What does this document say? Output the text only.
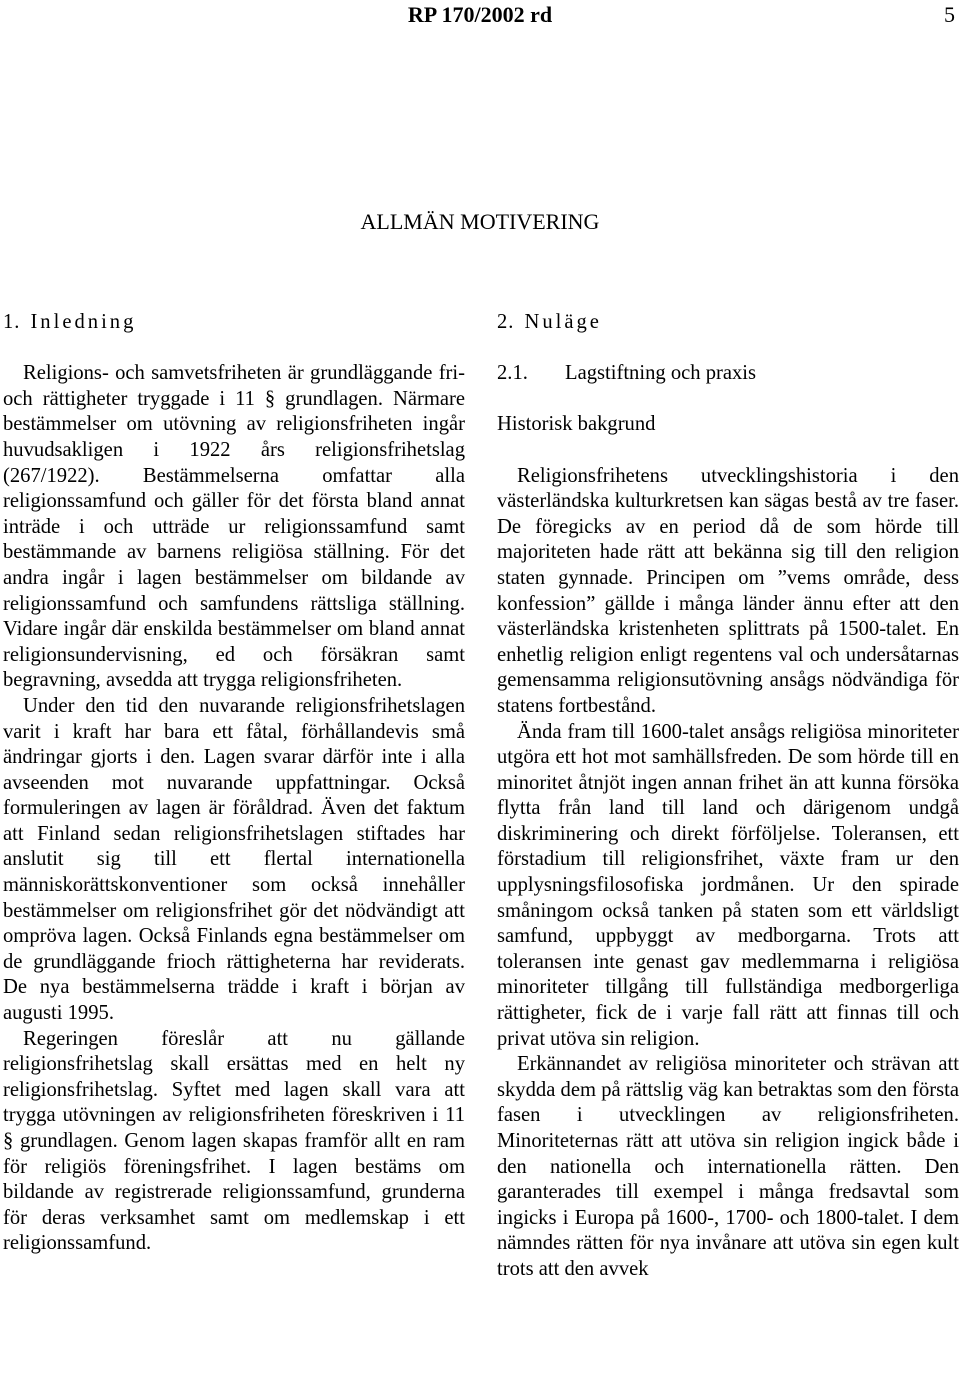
RP 170/2002 rd	5
ALLMÄN MOTIVERING
1. Inledning

Religions- och samvetsfriheten är grundläggande fri- och rättigheter tryggade i 11 § grundlagen. Närmare bestämmelser om utövning av religionsfriheten ingår huvudsakligen i 1922 års religionsfrihetslag (267/1922). Bestämmelserna omfattar alla religionssamfund och gäller för det första bland annat inträde i och utträde ur religionssamfund samt bestämmande av barnens religiösa ställning. För det andra ingår i lagen bestämmelser om bildande av religionssamfund och samfundens rättsliga ställning. Vidare ingår där enskilda bestämmelser om bland annat religionsundervisning, ed och försäkran samt begravning, avsedda att trygga religionsfriheten.

Under den tid den nuvarande religionsfrihetslagen varit i kraft har bara ett fåtal, förhållandevis små ändringar gjorts i den. Lagen svarar därför inte i alla avseenden mot nuvarande uppfattningar. Också formuleringen av lagen är föråldrad. Även det faktum att Finland sedan religionsfrihetslagen stiftades har anslutit sig till ett flertal internationella människorättskonventioner som också innehåller bestämmelser om religionsfrihet gör det nödvändigt att ompröva lagen. Också Finlands egna bestämmelser om de grundläggande frioch rättigheterna har reviderats. De nya bestämmelserna trädde i kraft i början av augusti 1995.

Regeringen föreslår att nu gällande religionsfrihetslag skall ersättas med en helt ny religionsfrihetslag. Syftet med lagen skall vara att trygga utövningen av religionsfriheten föreskriven i 11 § grundlagen. Genom lagen skapas framför allt en ram för religiös föreningsfrihet. I lagen bestäms om bildande av registrerade religionssamfund, grunderna för deras verksamhet samt om medlemskap i ett religionssamfund.

2. Nuläge
2.1. Lagstiftning och praxis
Historisk bakgrund

Religionsfrihetens utvecklingshistoria i den västerländska kulturkretsen kan sägas bestå av tre faser. De föregicks av en period då de som hörde till majoriteten hade rätt att bekänna sig till den religion staten gynnade. Principen om ”vems område, dess konfession” gällde i många länder ännu efter att den västerländska kristenheten splittrats på 1500-talet. En enhetlig religion enligt regentens val och undersåtarnas gemensamma religionsutövning ansågs nödvändiga för statens fortbestånd.

Ända fram till 1600-talet ansågs religiösa minoriteter utgöra ett hot mot samhällsfreden. De som hörde till en minoritet åtnjöt ingen annan frihet än att kunna försöka flytta från land till land och därigenom undgå diskriminering och direkt förföljelse. Toleransen, ett förstadium till religionsfrihet, växte fram ur den upplysningsfilosofiska jordmånen. Ur den spirade småningom också tanken på staten som ett världsligt samfund, uppbyggt av medborgarna. Trots att toleransen inte genast gav medlemmarna i religiösa minoriteter tillgång till fullständiga medborgerliga rättigheter, fick de i varje fall rätt att finnas till och privat utöva sin religion.

Erkännandet av religiösa minoriteter och strävan att skydda dem på rättslig väg kan betraktas som den första fasen i utvecklingen av religionsfriheten. Minoriteternas rätt att utöva sin religion ingick både i den nationella och internationella rätten. Den garanterades till exempel i många fredsavtal som ingicks i Europa på 1600-, 1700- och 1800-talet. I dem nämndes rätten för nya invånare att utöva sin egen kult trots att den avvek
